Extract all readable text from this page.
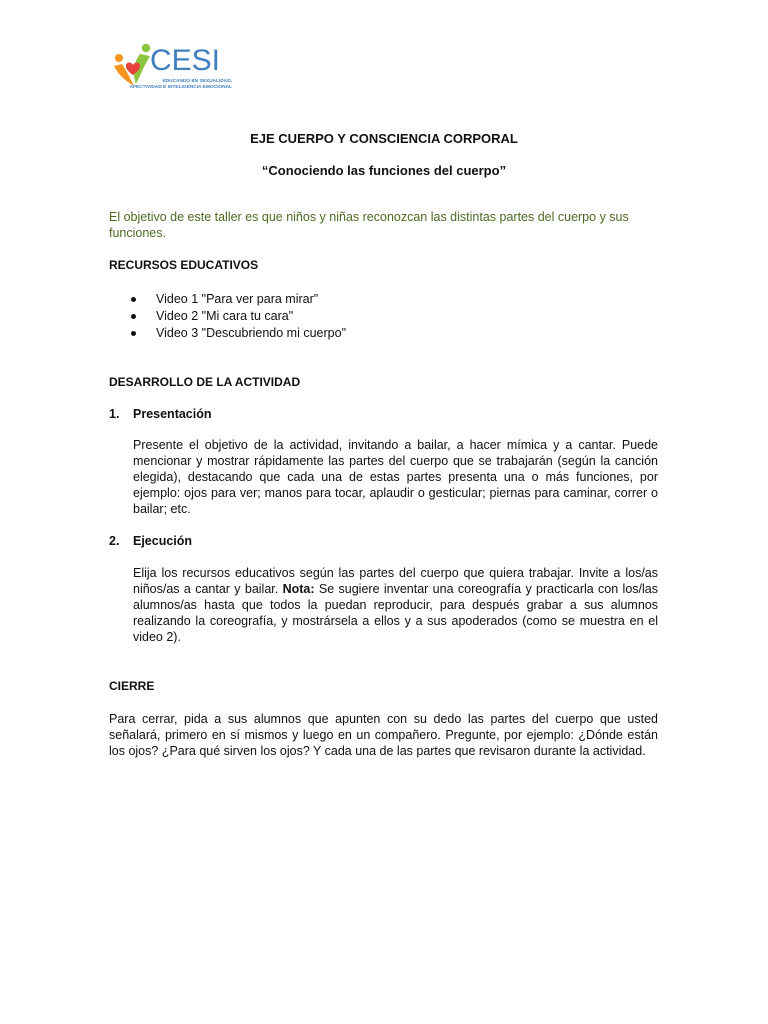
CESI
EDUCANDO EN SEXUALIDAD,
AFECTIVIDAD E INTELIGENCIA EMOCIONAL
EJE CUERPO Y CONSCIENCIA CORPORAL
“Conociendo las funciones del cuerpo”
El objetivo de este taller es que niños y niñas reconozcan las distintas partes del cuerpo y sus funciones.
RECURSOS EDUCATIVOS
Video 1 "Para ver para mirar"
Video 2 "Mi cara tu cara"
Video 3 "Descubriendo mi cuerpo"
DESARROLLO DE LA ACTIVIDAD
1. Presentación
Presente el objetivo de la actividad, invitando a bailar, a hacer mímica y a cantar. Puede mencionar y mostrar rápidamente las partes del cuerpo que se trabajarán (según la canción elegida), destacando que cada una de estas partes presenta una o más funciones, por ejemplo: ojos para ver; manos para tocar, aplaudir o gesticular; piernas para caminar, correr o bailar; etc.
2. Ejecución
Elija los recursos educativos según las partes del cuerpo que quiera trabajar. Invite a los/as niños/as a cantar y bailar. Nota: Se sugiere inventar una coreografía y practicarla con los/las alumnos/as hasta que todos la puedan reproducir, para después grabar a sus alumnos realizando la coreografía, y mostrársela a ellos y a sus apoderados (como se muestra en el video 2).
CIERRE
Para cerrar, pida a sus alumnos que apunten con su dedo las partes del cuerpo que usted señalará, primero en sí mismos y luego en un compañero. Pregunte, por ejemplo: ¿Dónde están los ojos? ¿Para qué sirven los ojos? Y cada una de las partes que revisaron durante la actividad.
